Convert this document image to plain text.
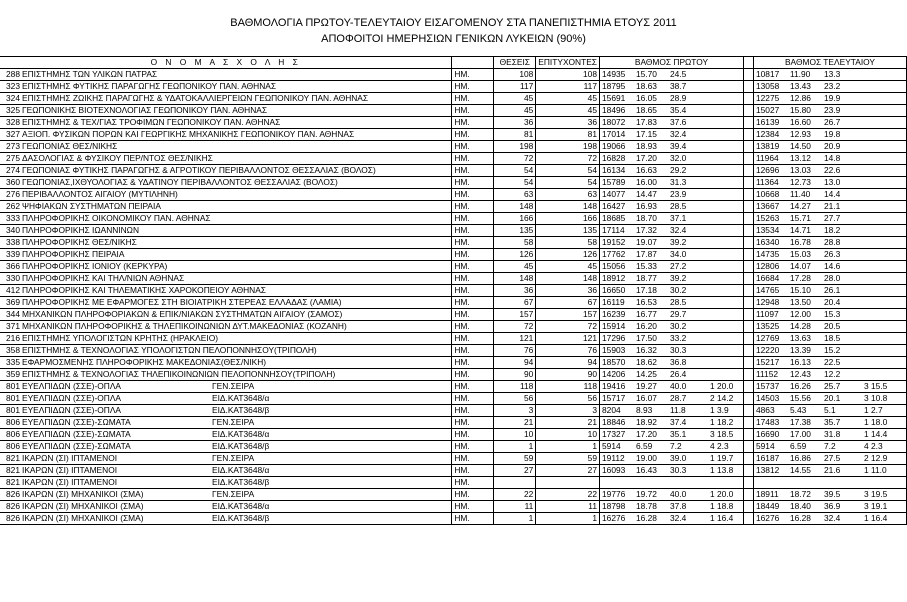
ΒΑΘΜΟΛΟΓΙΑ ΠΡΩΤΟΥ-ΤΕΛΕΥΤΑΙΟΥ ΕΙΣΑΓΟΜΕΝΟΥ ΣΤΑ ΠΑΝΕΠΙΣΤΗΜΙΑ ΕΤΟΥΣ 2011
ΑΠΟΦΟΙΤΟΙ ΗΜΕΡΗΣΙΩΝ ΓΕΝΙΚΩΝ ΛΥΚΕΙΩΝ (90%)
Ο Ν Ο Μ Α Σ Χ Ο Λ Η Σ		ΘΕΣΕΙΣ	ΕΠΙΤΥΧΟΝΤΕΣ	ΒΑΘΜΟΣ ΠΡΩΤΟΥ		ΒΑΘΜΟΣ ΤΕΛΕΥΤΑΙΟΥ
288 ΕΠΙΣΤΗΜΗΣ ΤΩΝ ΥΛΙΚΩΝ ΠΑΤΡΑΣ	ΗΜ.	108	108	14935 15.70 24.5		10817 11.90 13.3
323 ΕΠΙΣΤΗΜΗΣ ΦΥΤΙΚΗΣ ΠΑΡΑΓΩΓΗΣ ΓΕΩΠΟΝΙΚΟΥ ΠΑΝ. ΑΘΗΝΑΣ	ΗΜ.	117	117	18795 18.63 38.7		13058 13.43 23.2
324 ΕΠΙΣΤΗΜΗΣ ΖΩΙΚΗΣ ΠΑΡΑΓΩΓΗΣ & ΥΔΑΤΟΚΑΛΛΙΕΡΓΕΙΩΝ ΓΕΩΠΟΝΙΚΟΥ ΠΑΝ. ΑΘΗΝΑΣ	ΗΜ.	45	45	15691 16.05 28.9		12275 12.86 19.9
325 ΓΕΩΠΟΝΙΚΗΣ ΒΙΟΤΕΧΝΟΛΟΓΙΑΣ ΓΕΩΠΟΝΙΚΟΥ ΠΑΝ. ΑΘΗΝΑΣ	ΗΜ.	45	45	18496 18.65 35.4		15027 15.80 23.9
328 ΕΠΙΣΤΗΜΗΣ & ΤΕΧ/ΓΙΑΣ ΤΡΟΦΙΜΩΝ ΓΕΩΠΟΝΙΚΟΥ ΠΑΝ. ΑΘΗΝΑΣ	ΗΜ.	36	36	18072 17.83 37.6		16139 16.60 26.7
327 ΑΞΙΟΠ. ΦΥΣΙΚΩΝ ΠΟΡΩΝ ΚΑΙ ΓΕΩΡΓΙΚΗΣ ΜΗΧΑΝΙΚΗΣ ΓΕΩΠΟΝΙΚΟΥ ΠΑΝ. ΑΘΗΝΑΣ	ΗΜ.	81	81	17014 17.15 32.4		12384 12.93 19.8
273 ΓΕΩΠΟΝΙΑΣ ΘΕΣ/ΝΙΚΗΣ	ΗΜ.	198	198	19066 18.93 39.4		13819 14.50 20.9
275 ΔΑΣΟΛΟΓΙΑΣ & ΦΥΣΙΚΟΥ ΠΕΡ/ΝΤΟΣ ΘΕΣ/ΝΙΚΗΣ	ΗΜ.	72	72	16828 17.20 32.0		11964 13.12 14.8
274 ΓΕΩΠΟΝΙΑΣ ΦΥΤΙΚΗΣ ΠΑΡΑΓΩΓΗΣ & ΑΓΡΟΤΙΚΟΥ ΠΕΡΙΒΑΛΛΟΝΤΟΣ ΘΕΣΣΑΛΙΑΣ (ΒΟΛΟΣ)	ΗΜ.	54	54	16134 16.63 29.2		12696 13.03 22.6
360 ΓΕΩΠΟΝΙΑΣ,ΙΧΘΥΟΛΟΓΙΑΣ & ΥΔΑΤΙΝΟΥ ΠΕΡΙΒΑΛΛΟΝΤΟΣ ΘΕΣΣΑΛΙΑΣ (ΒΟΛΟΣ)	ΗΜ.	54	54	15789 16.00 31.3		11364 12.73 13.0
276 ΠΕΡΙΒΑΛΛΟΝΤΟΣ ΑΙΓΑΙΟΥ (ΜΥΤΙΛΗΝΗ)	ΗΜ.	63	63	14077 14.47 23.9		10668 11.40 14.4
262 ΨΗΦΙΑΚΩΝ ΣΥΣΤΗΜΑΤΩΝ ΠΕΙΡΑΙΑ	ΗΜ.	148	148	16427 16.93 28.5		13667 14.27 21.1
333 ΠΛΗΡΟΦΟΡΙΚΗΣ ΟΙΚΟΝΟΜΙΚΟΥ ΠΑΝ. ΑΘΗΝΑΣ	ΗΜ.	166	166	18685 18.70 37.1		15263 15.71 27.7
340 ΠΛΗΡΟΦΟΡΙΚΗΣ ΙΩΑΝΝΙΝΩΝ	ΗΜ.	135	135	17114 17.32 32.4		13534 14.71 18.2
338 ΠΛΗΡΟΦΟΡΙΚΗΣ ΘΕΣ/ΝΙΚΗΣ	ΗΜ.	58	58	19152 19.07 39.2		16340 16.78 28.8
339 ΠΛΗΡΟΦΟΡΙΚΗΣ ΠΕΙΡΑΙΑ	ΗΜ.	126	126	17762 17.87 34.0		14735 15.03 26.3
366 ΠΛΗΡΟΦΟΡΙΚΗΣ ΙΟΝΙΟΥ (ΚΕΡΚΥΡΑ)	ΗΜ.	45	45	15056 15.33 27.2		12806 14.07 14.6
330 ΠΛΗΡΟΦΟΡΙΚΗΣ ΚΑΙ ΤΗΛ/ΝΙΩΝ ΑΘΗΝΑΣ	ΗΜ.	148	148	18912 18.77 39.2		16684 17.28 28.0
412 ΠΛΗΡΟΦΟΡΙΚΗΣ ΚΑΙ ΤΗΛΕΜΑΤΙΚΗΣ ΧΑΡΟΚΟΠΕΙΟΥ ΑΘΗΝΑΣ	ΗΜ.	36	36	16650 17.18 30.2		14765 15.10 26.1
369 ΠΛΗΡΟΦΟΡΙΚΗΣ ΜΕ ΕΦΑΡΜΟΓΕΣ ΣΤΗ ΒΙΟΙΑΤΡΙΚΗ ΣΤΕΡΕΑΣ ΕΛΛΑΔΑΣ (ΛΑΜΙΑ)	ΗΜ.	67	67	16119 16.53 28.5		12948 13.50 20.4
344 ΜΗΧΑΝΙΚΩΝ ΠΛΗΡΟΦΟΡΙΑΚΩΝ & ΕΠΙΚ/ΝΙΑΚΩΝ ΣΥΣΤΗΜΑΤΩΝ ΑΙΓΑΙΟΥ (ΣΑΜΟΣ)	ΗΜ.	157	157	16239 16.77 29.7		11097 12.00 15.3
371 ΜΗΧΑΝΙΚΩΝ ΠΛΗΡΟΦΟΡΙΚΗΣ & ΤΗΛΕΠΙΚΟΙΝΩΝΙΩΝ ΔΥΤ.ΜΑΚΕΔΟΝΙΑΣ (ΚΟΖΑΝΗ)	ΗΜ.	72	72	15914 16.20 30.2		13525 14.28 20.5
216 ΕΠΙΣΤΗΜΗΣ ΥΠΟΛΟΓΙΣΤΩΝ ΚΡΗΤΗΣ (ΗΡΑΚΛΕΙΟ)	ΗΜ.	121	121	17296 17.50 33.2		12769 13.63 18.5
358 ΕΠΙΣΤΗΜΗΣ & ΤΕΧΝΟΛΟΓΙΑΣ ΥΠΟΛΟΓΙΣΤΩΝ ΠΕΛΟΠΟΝΝΗΣΟΥ(ΤΡΙΠΟΛΗ)	ΗΜ.	76	76	15903 16.32 30.3		12220 13.39 15.2
335 ΕΦΑΡΜΟΣΜΕΝΗΣ ΠΛΗΡΟΦΟΡΙΚΗΣ ΜΑΚΕΔΟΝΙΑΣ(ΘΕΣ/ΝΙΚΗ)	ΗΜ.	94	94	18570 18.62 36.8		15217 16.13 22.5
359 ΕΠΙΣΤΗΜΗΣ & ΤΕΧΝΟΛΟΓΙΑΣ ΤΗΛΕΠΙΚΟΙΝΩΝΙΩΝ ΠΕΛΟΠΟΝΝΗΣΟΥ(ΤΡΙΠΟΛΗ)	ΗΜ.	90	90	14206 14.25 26.4		11152 12.43 12.2
801 ΕΥΕΛΠΙΔΩΝ (ΣΣΕ)-ΟΠΛΑ ΓΕΝ.ΣΕΙΡΑ	ΗΜ.	118	118	19416 19.27 40.0 1 20.0		15737 16.26 25.7 3 15.5
801 ΕΥΕΛΠΙΔΩΝ (ΣΣΕ)-ΟΠΛΑ ΕΙΔ.ΚΑΤ3648/α	ΗΜ.	56	56	15717 16.07 28.7 2 14.2		14503 15.56 20.1 3 10.8
801 ΕΥΕΛΠΙΔΩΝ (ΣΣΕ)-ΟΠΛΑ ΕΙΔ.ΚΑΤ3648/β	ΗΜ.	3	3	8204 8.93 11.8 1 3.9		4863 5.43 5.1 1 2.7
806 ΕΥΕΛΠΙΔΩΝ (ΣΣΕ)-ΣΩΜΑΤΑ ΓΕΝ.ΣΕΙΡΑ	ΗΜ.	21	21	18846 18.92 37.4 1 18.2		17483 17.38 35.7 1 18.0
806 ΕΥΕΛΠΙΔΩΝ (ΣΣΕ)-ΣΩΜΑΤΑ ΕΙΔ.ΚΑΤ3648/α	ΗΜ.	10	10	17327 17.20 35.1 3 18.5		16690 17.00 31.8 1 14.4
806 ΕΥΕΛΠΙΔΩΝ (ΣΣΕ)-ΣΩΜΑΤΑ ΕΙΔ.ΚΑΤ3648/β	ΗΜ.	1	1	5914 6.59 7.2 4 2.3		5914 6.59 7.2 4 2.3
821 ΙΚΑΡΩΝ (ΣΙ) ΙΠΤΑΜΕΝΟΙ ΓΕΝ.ΣΕΙΡΑ	ΗΜ.	59	59	19112 19.00 39.0 1 19.7		16187 16.86 27.5 2 12.9
821 ΙΚΑΡΩΝ (ΣΙ) ΙΠΤΑΜΕΝΟΙ ΕΙΔ.ΚΑΤ3648/α	ΗΜ.	27	27	16093 16.43 30.3 1 13.8		13812 14.55 21.6 1 11.0
821 ΙΚΑΡΩΝ (ΣΙ) ΙΠΤΑΜΕΝΟΙ ΕΙΔ.ΚΑΤ3648/β	ΗΜ.					
826 ΙΚΑΡΩΝ (ΣΙ) ΜΗΧΑΝΙΚΟΙ (ΣΜΑ) ΓΕΝ.ΣΕΙΡΑ	ΗΜ.	22	22	19776 19.72 40.0 1 20.0		18911 18.72 39.5 3 19.5
826 ΙΚΑΡΩΝ (ΣΙ) ΜΗΧΑΝΙΚΟΙ (ΣΜΑ) ΕΙΔ.ΚΑΤ3648/α	ΗΜ.	11	11	18798 18.78 37.8 1 18.8		18449 18.40 36.9 3 19.1
826 ΙΚΑΡΩΝ (ΣΙ) ΜΗΧΑΝΙΚΟΙ (ΣΜΑ) ΕΙΔ.ΚΑΤ3648/β	ΗΜ.	1	1	16276 16.28 32.4 1 16.4		16276 16.28 32.4 1 16.4
